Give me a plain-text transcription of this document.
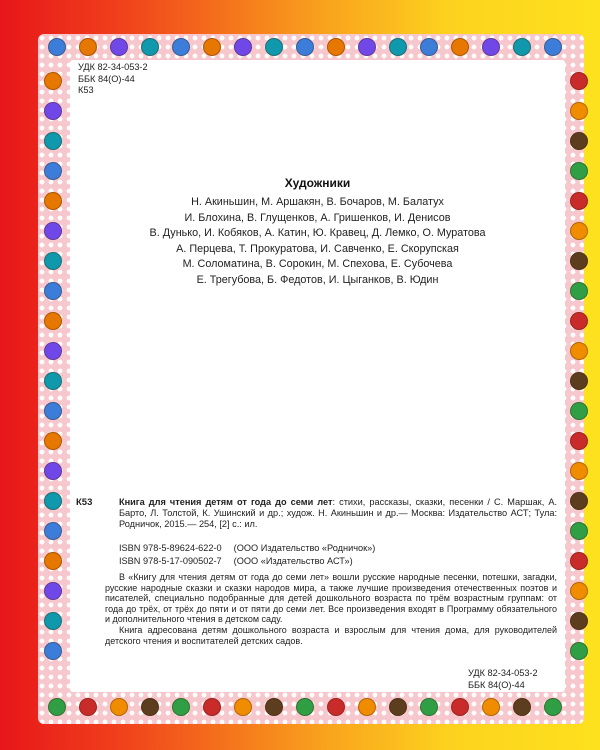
УДК 82-34-053-2
ББК 84(О)-44
К53
Художники
Н. Акиньшин, М. Аршакян, В. Бочаров, М. Балатух
И. Блохина, В. Глущенков, А. Гришенков, И. Денисов
В. Дунько, И. Кобяков, А. Катин, Ю. Кравец, Д. Лемко, О. Муратова
А. Перцева, Т. Прокуратова, И. Савченко, Е. Скорупская
М. Соломатина, В. Сорокин, М. Спехова, Е. Субочева
Е. Трегубова, Б. Федотов, И. Цыганков, В. Юдин
К53	Книга для чтения детям от года до семи лет: стихи, рассказы, сказки, песенки / С. Маршак, А. Барто, Л. Толстой, К. Ушинский и др.; худож. Н. Акиньшин и др.— Москва: Издательство АСТ; Тула: Родничок, 2015.— 254, [2] с.: ил.
ISBN 978-5-89624-622-0 (ООО Издательство «Родничок»)
ISBN 978-5-17-090502-7 (ООО «Издательство АСТ»)

В «Книгу для чтения детям от года до семи лет» вошли русские народные песенки, потешки, загадки, русские народные сказки и сказки народов мира, а также лучшие произведения отечественных поэтов и писателей, специально подобранные для детей дошкольного возраста по трём возрастным группам: от года до трёх, от трёх до пяти и от пяти до семи лет. Все произведения входят в Программу обязательного и дополнительного чтения в детском саду.

Книга адресована детям дошкольного возраста и взрослым для чтения дома, для руководителей детского чтения и воспитателей детских садов.

УДК 82-34-053-2
ББК 84(О)-44
